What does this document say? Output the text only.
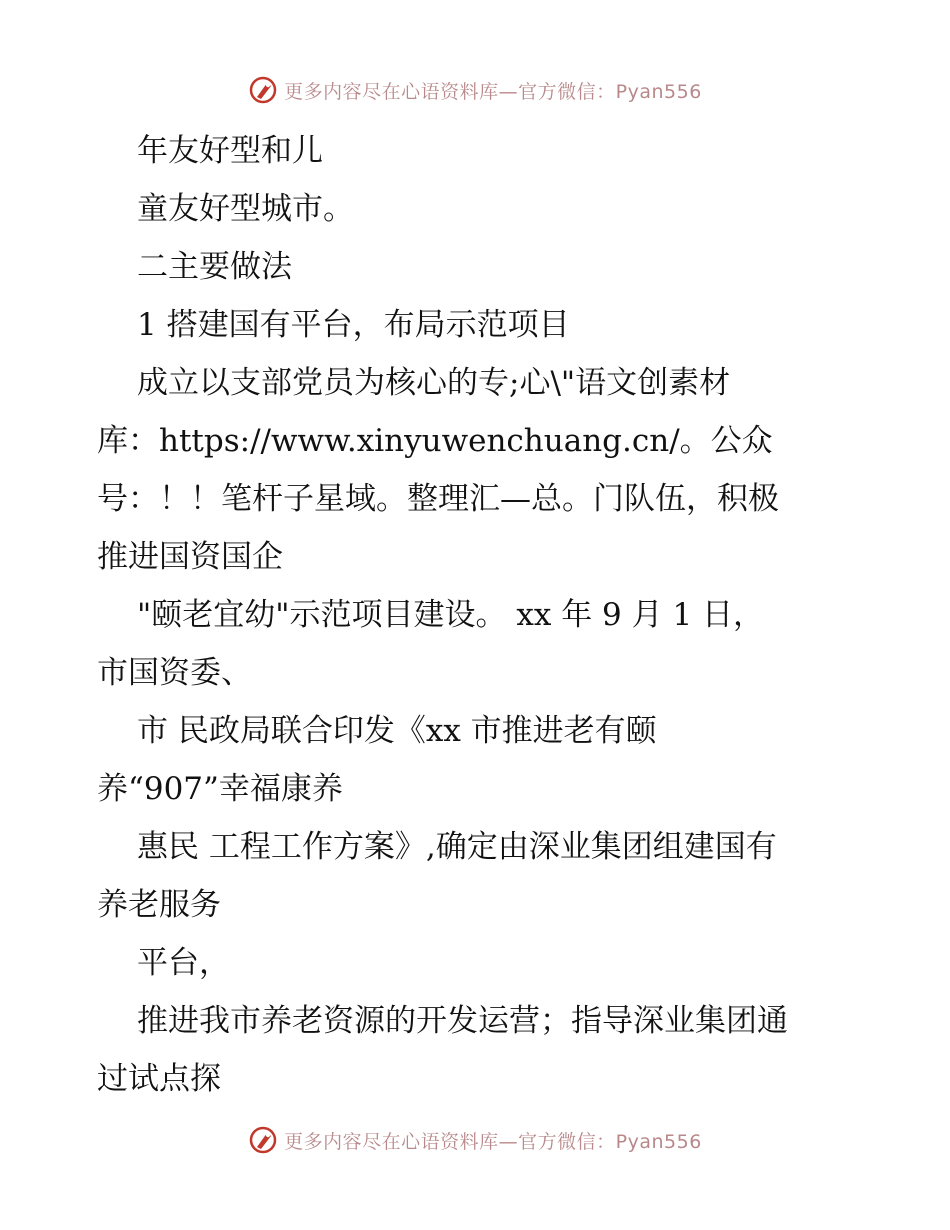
更多内容尽在心语资料库—官方微信：Pyan556
年友好型和儿
童友好型城市。
二主要做法
1 搭建国有平台，布局示范项目
成立以支部党员为核心的专;心\"语文创素材
库：https://www.xinyuwenchuang.cn/。公众
号：！！笔杆子星域。整理汇—总。门队伍，积极
推进国资国企
"颐老宜幼"示范项目建设。 xx 年 9 月 1 日，
市国资委、
市 民政局联合印发《xx 市推进老有颐
养“907”幸福康养
惠民 工程工作方案》,确定由深业集团组建国有
养老服务
平台，
推进我市养老资源的开发运营；指导深业集团通
过试点探
更多内容尽在心语资料库—官方微信：Pyan556
